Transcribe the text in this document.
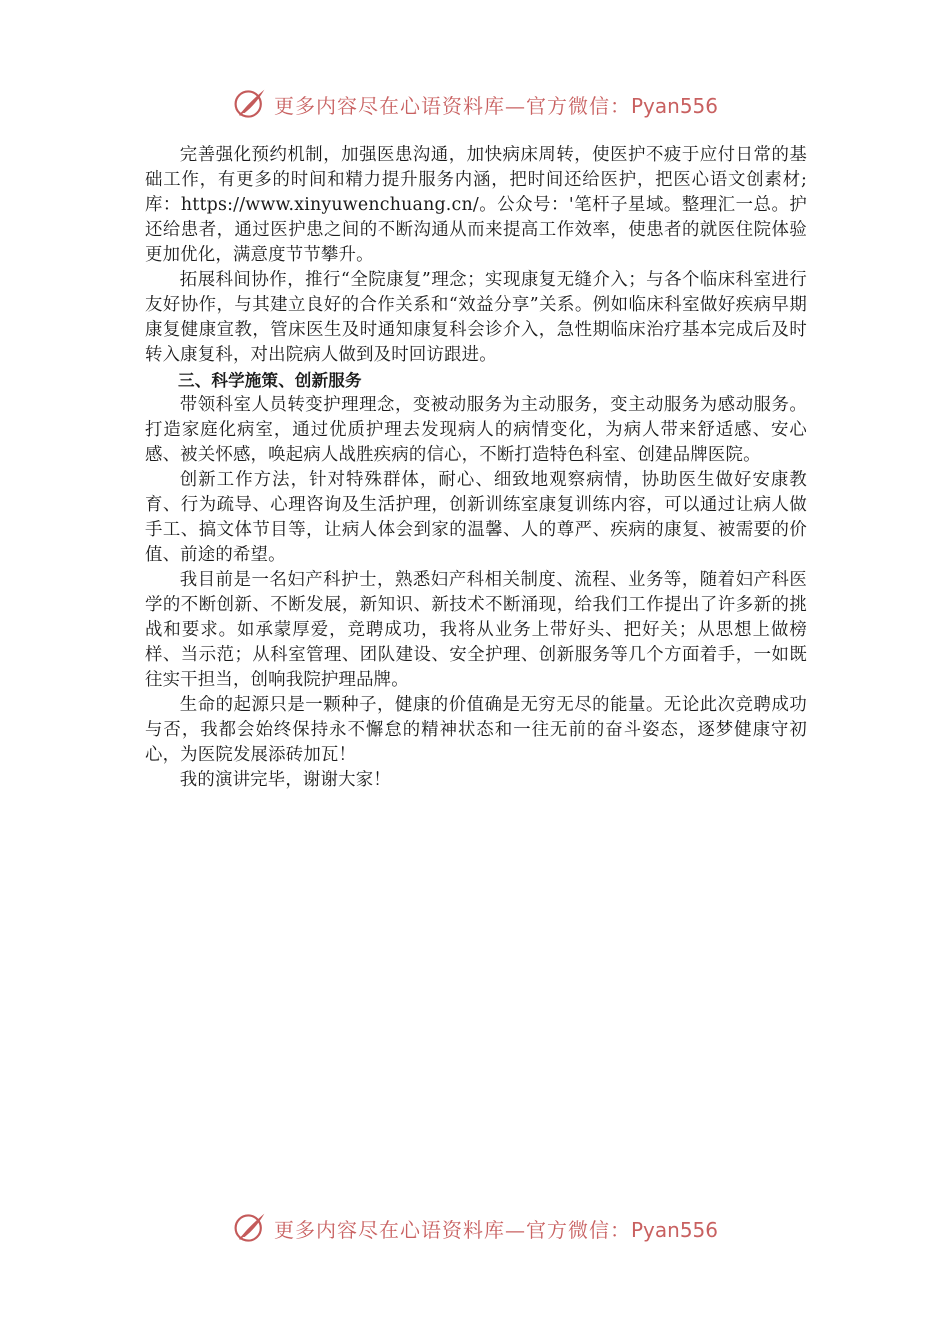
更多内容尽在心语资料库—官方微信：Pyan556

完善强化预约机制，加强医患沟通，加快病床周转，使医护不疲于应付日常的基础工作，有更多的时间和精力提升服务内涵，把时间还给医护，把医心语文创素材;库：https://www.xinyuwenchuang.cn/。公众号：'笔杆子星域。整理汇一总。护还给患者，通过医护患之间的不断沟通从而来提高工作效率，使患者的就医住院体验更加优化，满意度节节攀升。

拓展科间协作，推行“全院康复”理念；实现康复无缝介入；与各个临床科室进行友好协作，与其建立良好的合作关系和“效益分享”关系。例如临床科室做好疾病早期康复健康宣教，管床医生及时通知康复科会诊介入，急性期临床治疗基本完成后及时转入康复科，对出院病人做到及时回访跟进。

三、科学施策、创新服务

带领科室人员转变护理理念，变被动服务为主动服务，变主动服务为感动服务。打造家庭化病室，通过优质护理去发现病人的病情变化，为病人带来舒适感、安心感、被关怀感，唤起病人战胜疾病的信心，不断打造特色科室、创建品牌医院。

创新工作方法，针对特殊群体，耐心、细致地观察病情，协助医生做好安康教育、行为疏导、心理咨询及生活护理，创新训练室康复训练内容，可以通过让病人做手工、搞文体节目等，让病人体会到家的温馨、人的尊严、疾病的康复、被需要的价值、前途的希望。

我目前是一名妇产科护士，熟悉妇产科相关制度、流程、业务等，随着妇产科医学的不断创新、不断发展，新知识、新技术不断涌现，给我们工作提出了许多新的挑战和要求。如承蒙厚爱，竞聘成功，我将从业务上带好头、把好关；从思想上做榜样、当示范；从科室管理、团队建设、安全护理、创新服务等几个方面着手，一如既往实干担当，创响我院护理品牌。

生命的起源只是一颗种子，健康的价值确是无穷无尽的能量。无论此次竞聘成功与否，我都会始终保持永不懈怠的精神状态和一往无前的奋斗姿态，逐梦健康守初心，为医院发展添砖加瓦！

我的演讲完毕，谢谢大家！

更多内容尽在心语资料库—官方微信：Pyan556
